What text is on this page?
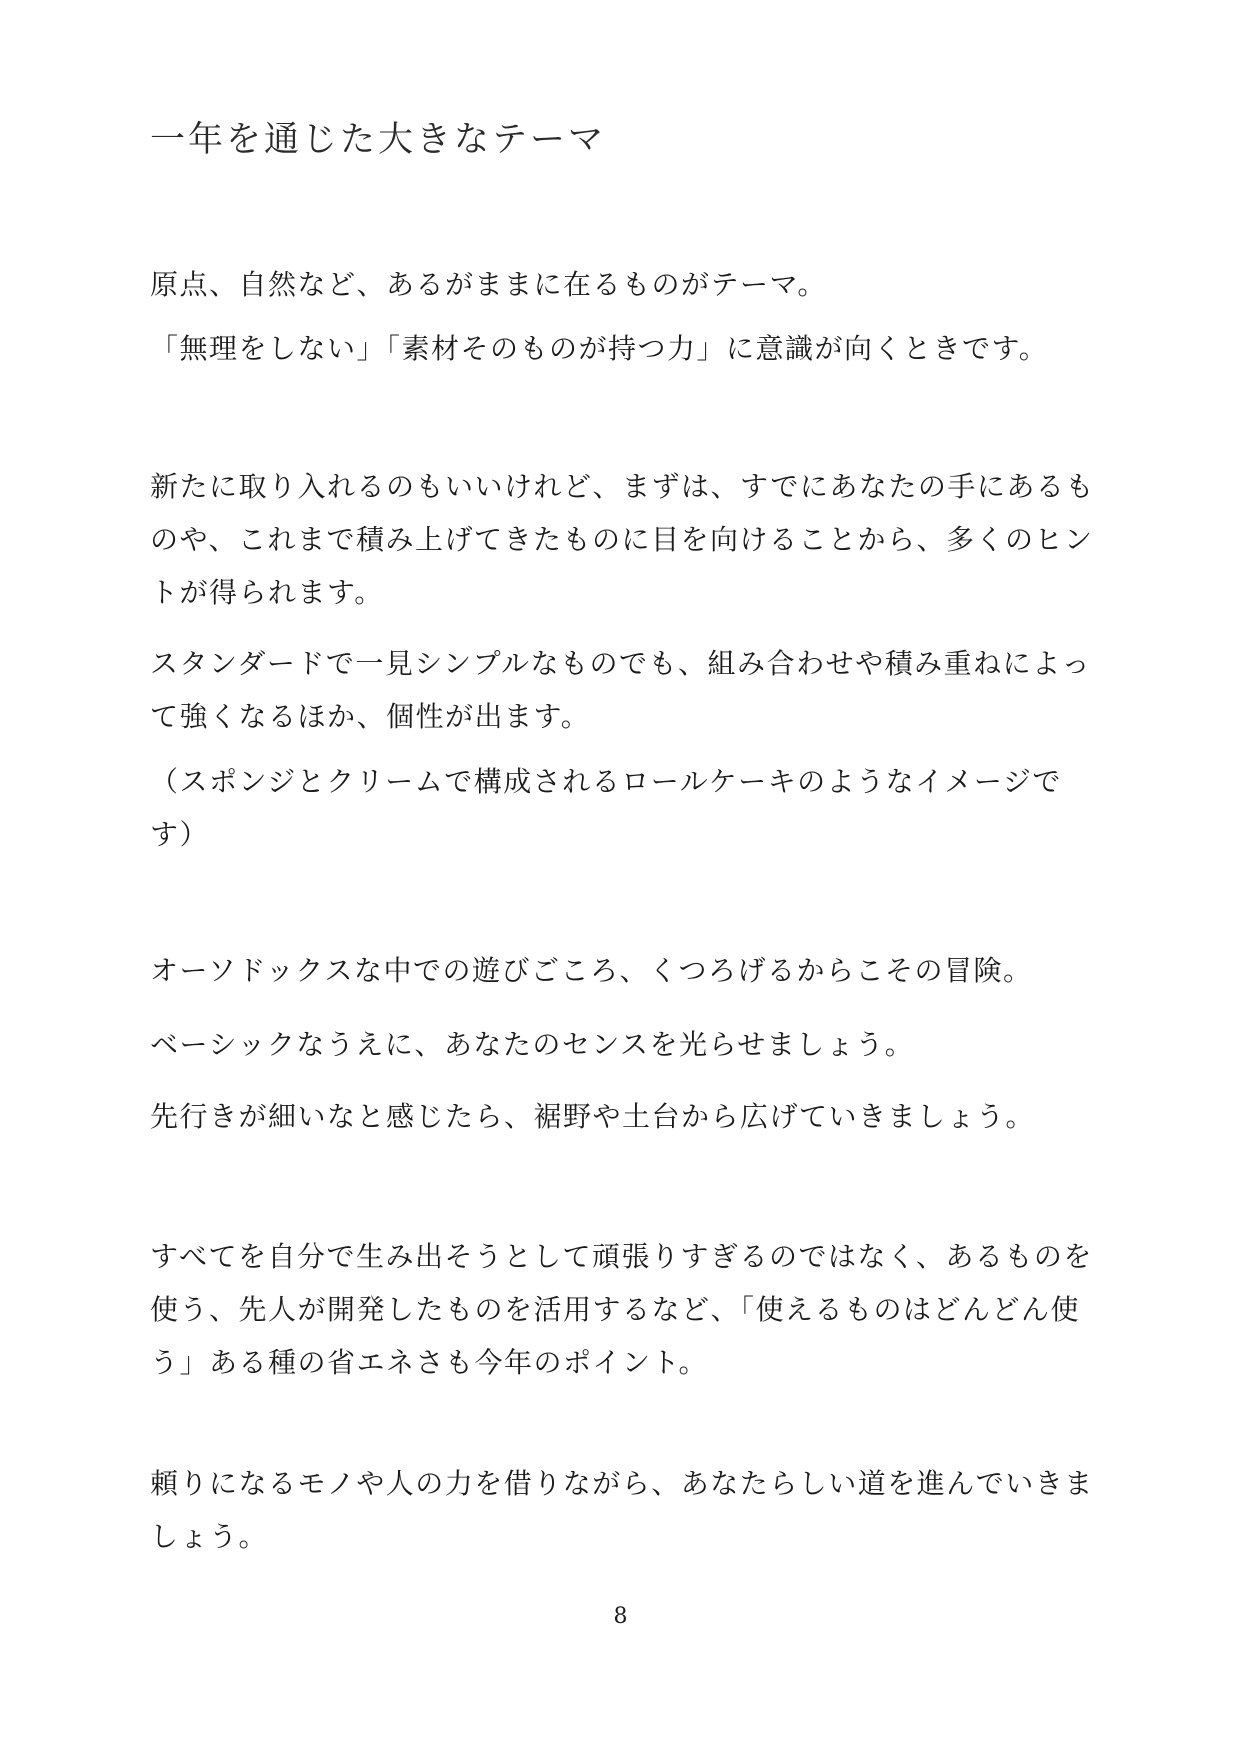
一年を通じた大きなテーマ

原点、自然など、あるがままに在るものがテーマ。

「無理をしない」「素材そのものが持つ力」に意識が向くときです。

新たに取り入れるのもいいけれど、まずは、すでにあなたの手にあるも
のや、これまで積み上げてきたものに目を向けることから、多くのヒン
トが得られます。

スタンダードで一見シンプルなものでも、組み合わせや積み重ねによっ
て強くなるほか、個性が出ます。

（スポンジとクリームで構成されるロールケーキのようなイメージで
す）

オーソドックスな中での遊びごころ、くつろげるからこその冒険。

ベーシックなうえに、あなたのセンスを光らせましょう。

先行きが細いなと感じたら、裾野や土台から広げていきましょう。

すべてを自分で生み出そうとして頑張りすぎるのではなく、あるものを
使う、先人が開発したものを活用するなど、「使えるものはどんどん使
う」ある種の省エネさも今年のポイント。

頼りになるモノや人の力を借りながら、あなたらしい道を進んでいきま
しょう。

8
